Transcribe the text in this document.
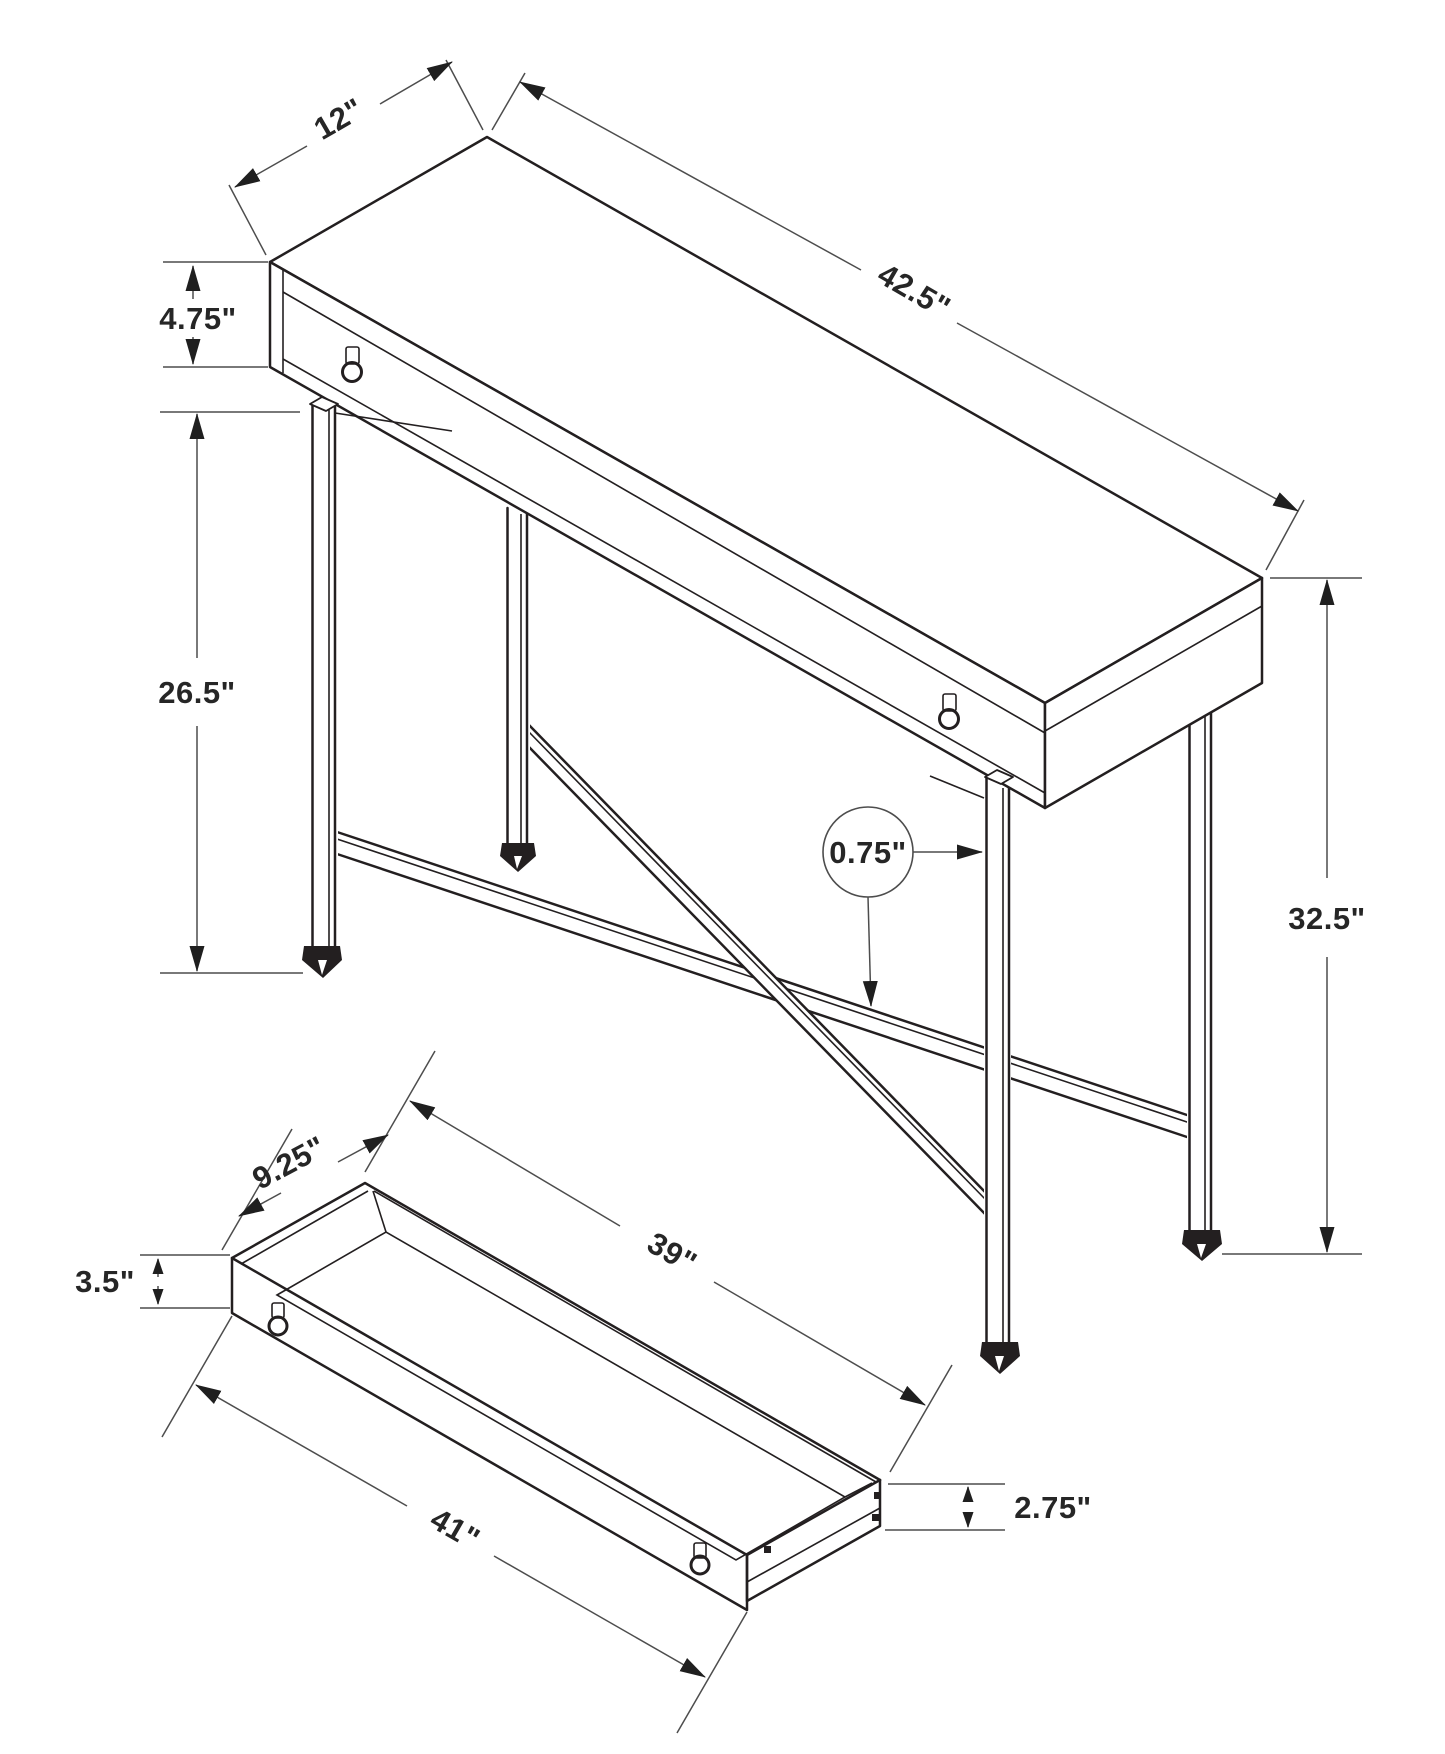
12"
42.5"
4.75"
26.5"
32.5"
0.75"
9.25"
39"
3.5"
41"	2.75"
